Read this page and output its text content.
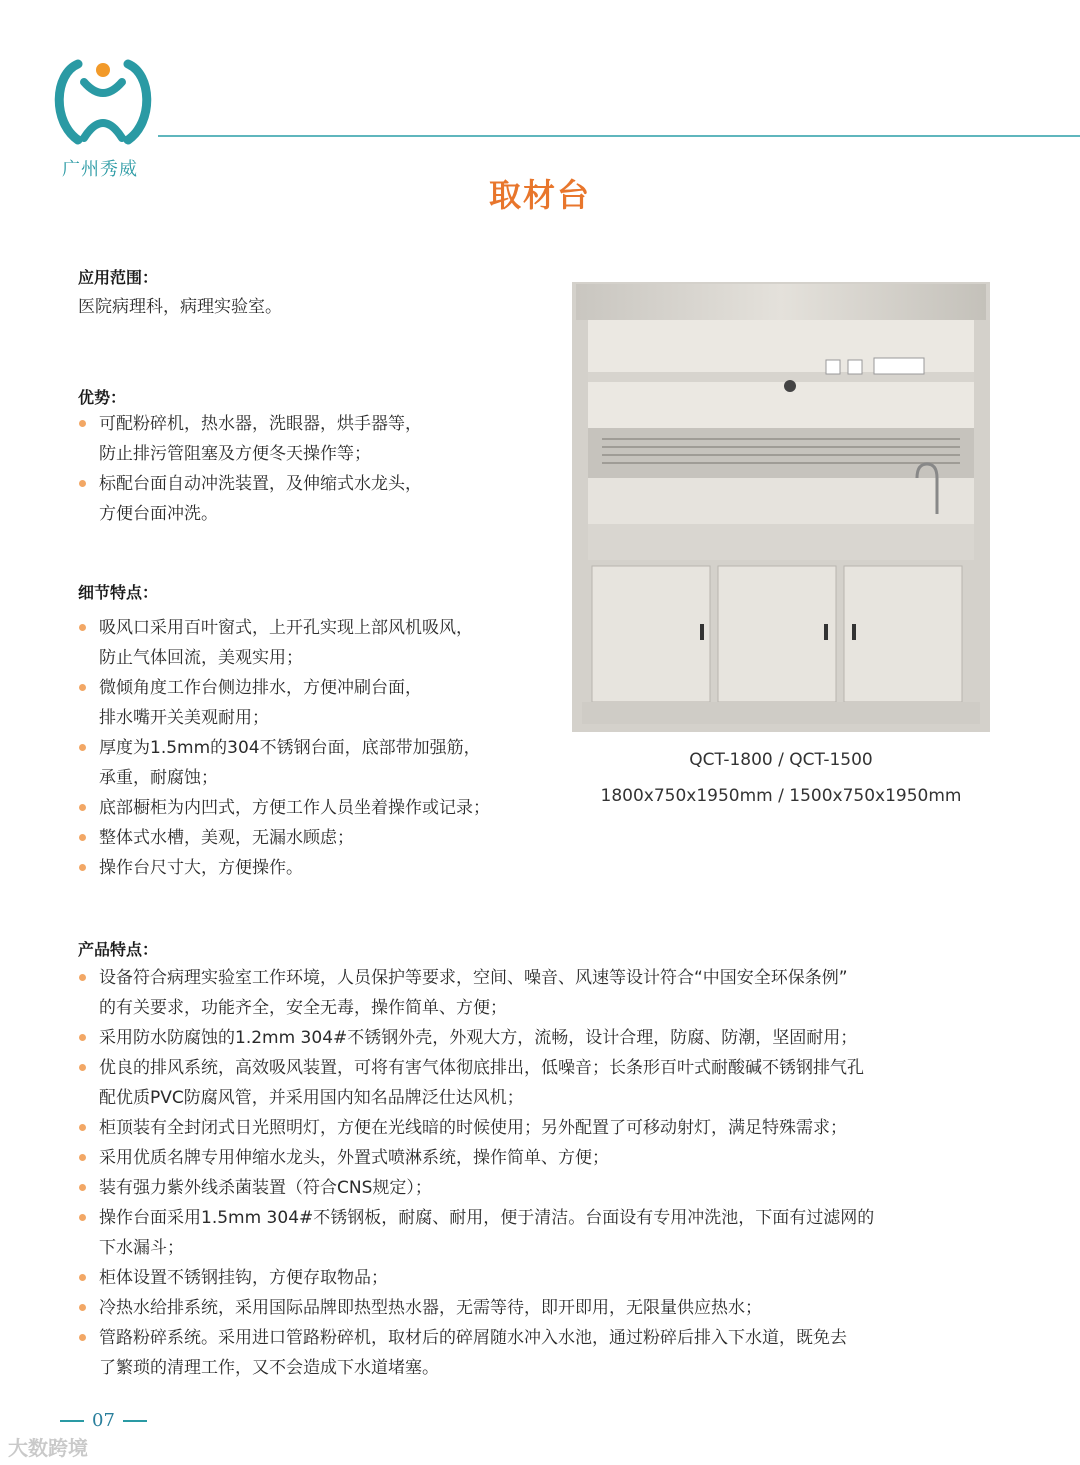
广州秀威
取材台
应用范围：
医院病理科，病理实验室。
优势：
可配粉碎机，热水器，洗眼器，烘手器等，
防止排污管阻塞及方便冬天操作等；
标配台面自动冲洗装置，及伸缩式水龙头，
方便台面冲洗。
细节特点：
吸风口采用百叶窗式，上开孔实现上部风机吸风，
防止气体回流，美观实用；
微倾角度工作台侧边排水，方便冲刷台面，
排水嘴开关美观耐用；
厚度为1.5mm的304不锈钢台面，底部带加强筋，
承重，耐腐蚀；
底部橱柜为内凹式，方便工作人员坐着操作或记录；
整体式水槽，美观，无漏水顾虑；
操作台尺寸大，方便操作。
QCT-1800 / QCT-1500
1800x750x1950mm / 1500x750x1950mm
产品特点：
设备符合病理实验室工作环境，人员保护等要求，空间、噪音、风速等设计符合“中国安全环保条例”
的有关要求，功能齐全，安全无毒，操作简单、方便；
采用防水防腐蚀的1.2mm 304#不锈钢外壳，外观大方，流畅，设计合理，防腐、防潮，坚固耐用；
优良的排风系统，高效吸风装置，可将有害气体彻底排出，低噪音；长条形百叶式耐酸碱不锈钢排气孔
配优质PVC防腐风管，并采用国内知名品牌泛仕达风机；
柜顶装有全封闭式日光照明灯，方便在光线暗的时候使用；另外配置了可移动射灯，满足特殊需求；
采用优质名牌专用伸缩水龙头，外置式喷淋系统，操作简单、方便；
装有强力紫外线杀菌装置（符合CNS规定）；
操作台面采用1.5mm 304#不锈钢板，耐腐、耐用，便于清洁。台面设有专用冲洗池，下面有过滤网的
下水漏斗；
柜体设置不锈钢挂钩，方便存取物品；
冷热水给排系统，采用国际品牌即热型热水器，无需等待，即开即用，无限量供应热水；
管路粉碎系统。采用进口管路粉碎机，取材后的碎屑随水冲入水池，通过粉碎后排入下水道，既免去
了繁琐的清理工作，又不会造成下水道堵塞。
07
大数跨境
